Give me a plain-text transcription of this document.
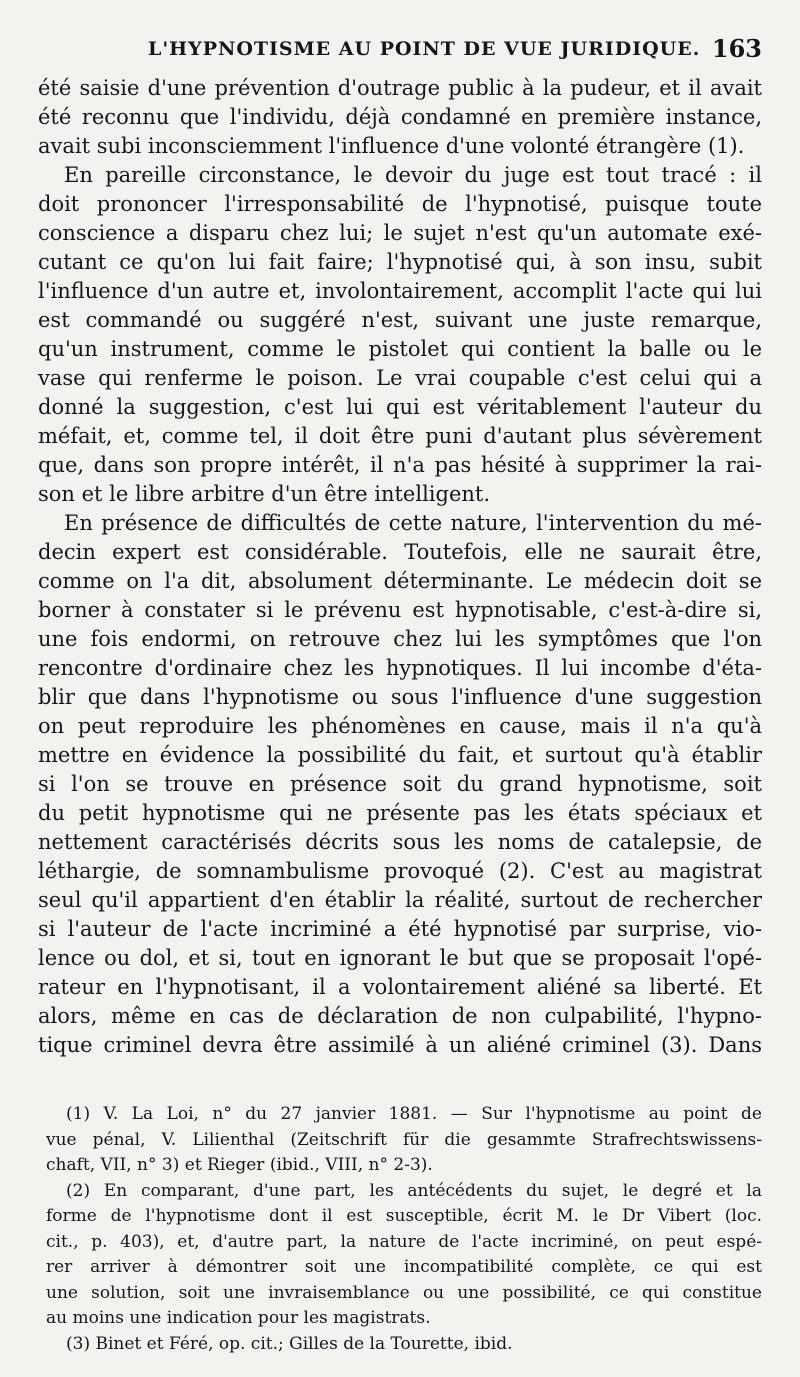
L'HYPNOTISME AU POINT DE VUE JURIDIQUE. 163
été saisie d'une prévention d'outrage public à la pudeur, et il avait
été reconnu que l'individu, déjà condamné en première instance,
avait subi inconsciemment l'influence d'une volonté étrangère (1).
En pareille circonstance, le devoir du juge est tout tracé : il
doit prononcer l'irresponsabilité de l'hypnotisé, puisque toute
conscience a disparu chez lui; le sujet n'est qu'un automate exé-
cutant ce qu'on lui fait faire; l'hypnotisé qui, à son insu, subit
l'influence d'un autre et, involontairement, accomplit l'acte qui lui
est commandé ou suggéré n'est, suivant une juste remarque,
qu'un instrument, comme le pistolet qui contient la balle ou le
vase qui renferme le poison. Le vrai coupable c'est celui qui a
donné la suggestion, c'est lui qui est véritablement l'auteur du
méfait, et, comme tel, il doit être puni d'autant plus sévèrement
que, dans son propre intérêt, il n'a pas hésité à supprimer la rai-
son et le libre arbitre d'un être intelligent.
En présence de difficultés de cette nature, l'intervention du mé-
decin expert est considérable. Toutefois, elle ne saurait être,
comme on l'a dit, absolument déterminante. Le médecin doit se
borner à constater si le prévenu est hypnotisable, c'est-à-dire si,
une fois endormi, on retrouve chez lui les symptômes que l'on
rencontre d'ordinaire chez les hypnotiques. Il lui incombe d'éta-
blir que dans l'hypnotisme ou sous l'influence d'une suggestion
on peut reproduire les phénomènes en cause, mais il n'a qu'à
mettre en évidence la possibilité du fait, et surtout qu'à établir
si l'on se trouve en présence soit du grand hypnotisme, soit
du petit hypnotisme qui ne présente pas les états spéciaux et
nettement caractérisés décrits sous les noms de catalepsie, de
léthargie, de somnambulisme provoqué (2). C'est au magistrat
seul qu'il appartient d'en établir la réalité, surtout de rechercher
si l'auteur de l'acte incriminé a été hypnotisé par surprise, vio-
lence ou dol, et si, tout en ignorant le but que se proposait l'opé-
rateur en l'hypnotisant, il a volontairement aliéné sa liberté. Et
alors, même en cas de déclaration de non culpabilité, l'hypno-
tique criminel devra être assimilé à un aliéné criminel (3). Dans
(1) V. La Loi, n° du 27 janvier 1881. — Sur l'hypnotisme au point de
vue pénal, V. Lilienthal (Zeitschrift für die gesammte Strafrechtswissens-
chaft, VII, n° 3) et Rieger (ibid., VIII, n° 2-3).
(2) En comparant, d'une part, les antécédents du sujet, le degré et la
forme de l'hypnotisme dont il est susceptible, écrit M. le Dr Vibert (loc.
cit., p. 403), et, d'autre part, la nature de l'acte incriminé, on peut espé-
rer arriver à démontrer soit une incompatibilité complète, ce qui est
une solution, soit une invraisemblance ou une possibilité, ce qui constitue
au moins une indication pour les magistrats.
(3) Binet et Féré, op. cit.; Gilles de la Tourette, ibid.
